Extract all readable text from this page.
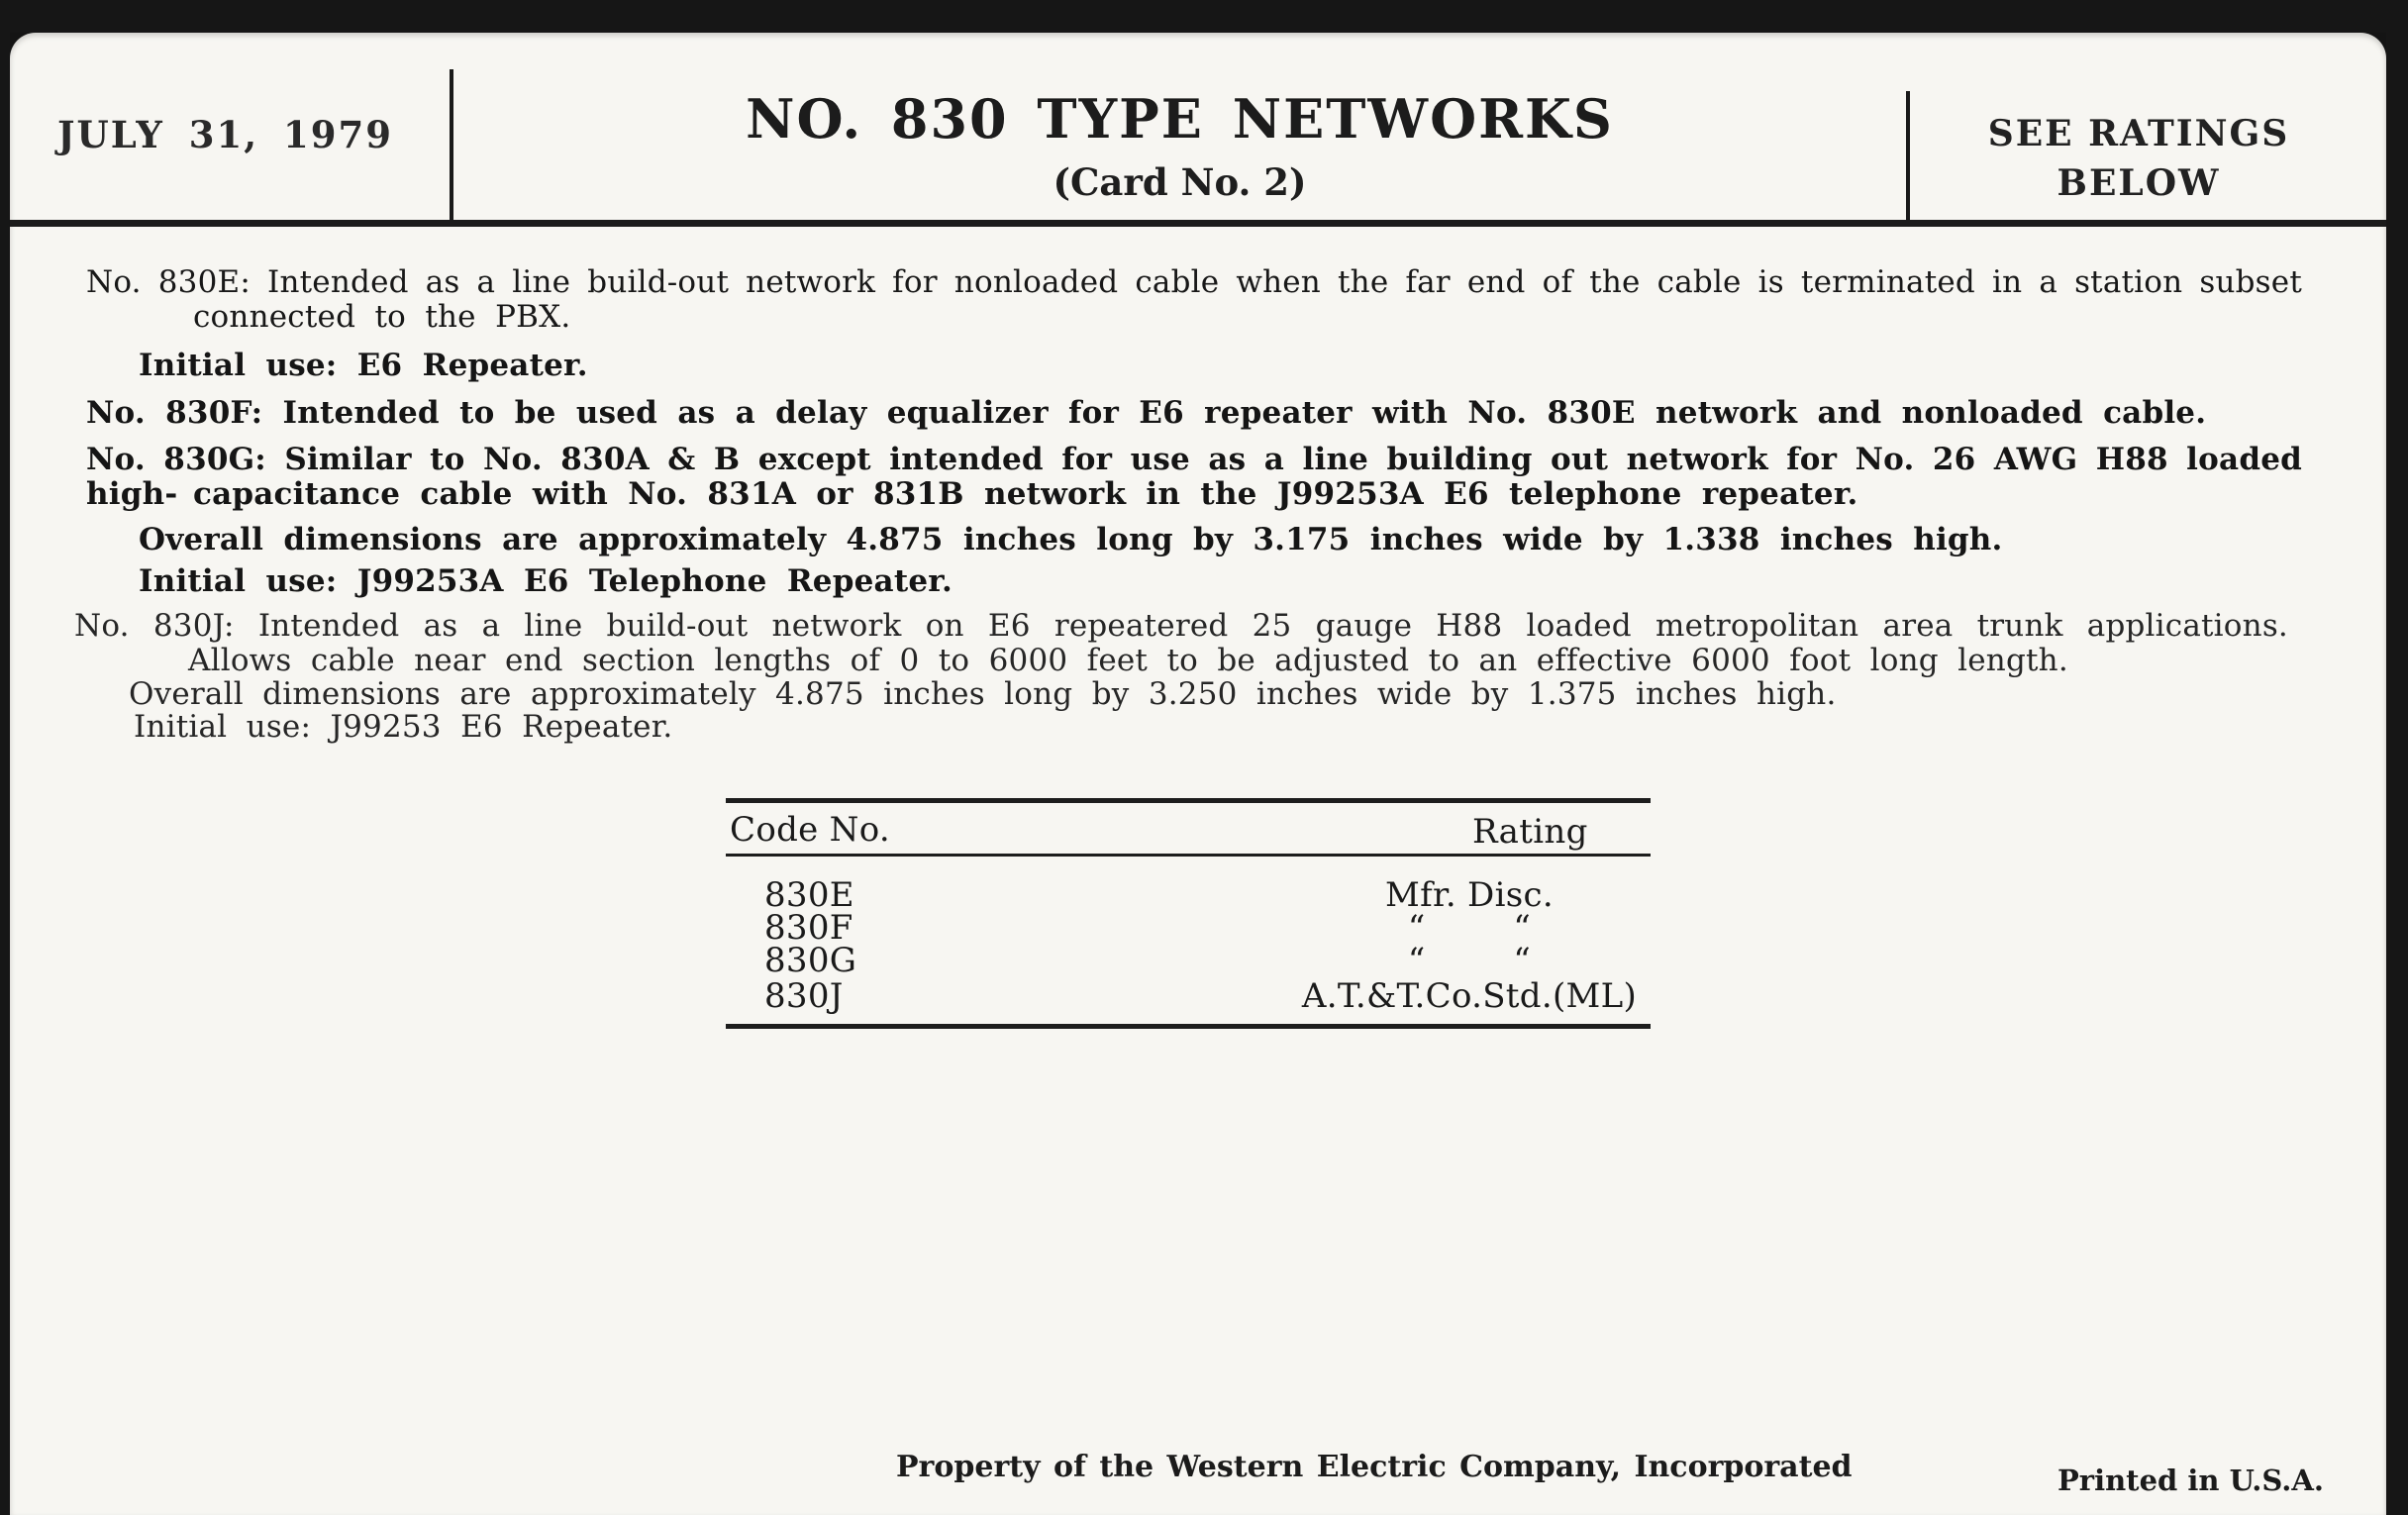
JULY 31, 1979	NO. 830 TYPE NETWORKS
(Card No. 2)
SEE RATINGS
BELOW
No. 830E: Intended as a line build-out network for nonloaded cable when the far end of the cable is terminated in a station subset
connected to the PBX.
Initial use: E6 Repeater.
No. 830F: Intended to be used as a delay equalizer for E6 repeater with No. 830E network and nonloaded cable.
No. 830G: Similar to No. 830A & B except intended for use as a line building out network for No. 26 AWG H88 loaded high- capacitance cable with No. 831A or 831B network in the J99253A E6 telephone repeater.
Overall dimensions are approximately 4.875 inches long by 3.175 inches wide by 1.338 inches high.
Initial use: J99253A E6 Telephone Repeater.
No. 830J: Intended as a line build-out network on E6 repeatered 25 gauge H88 loaded metropolitan area trunk applications.
Allows cable near end section lengths of 0 to 6000 feet to be adjusted to an effective 6000 foot long length.
Overall dimensions are approximately 4.875 inches long by 3.250 inches wide by 1.375 inches high.
Initial use: J99253 E6 Repeater.
Code No.	Rating
830E	Mfr. Disc.
830F	“        “
830G	“        “
830J	A.T.&T.Co.Std.(ML)
Property of the Western Electric Company, Incorporated	Printed in U.S.A.
